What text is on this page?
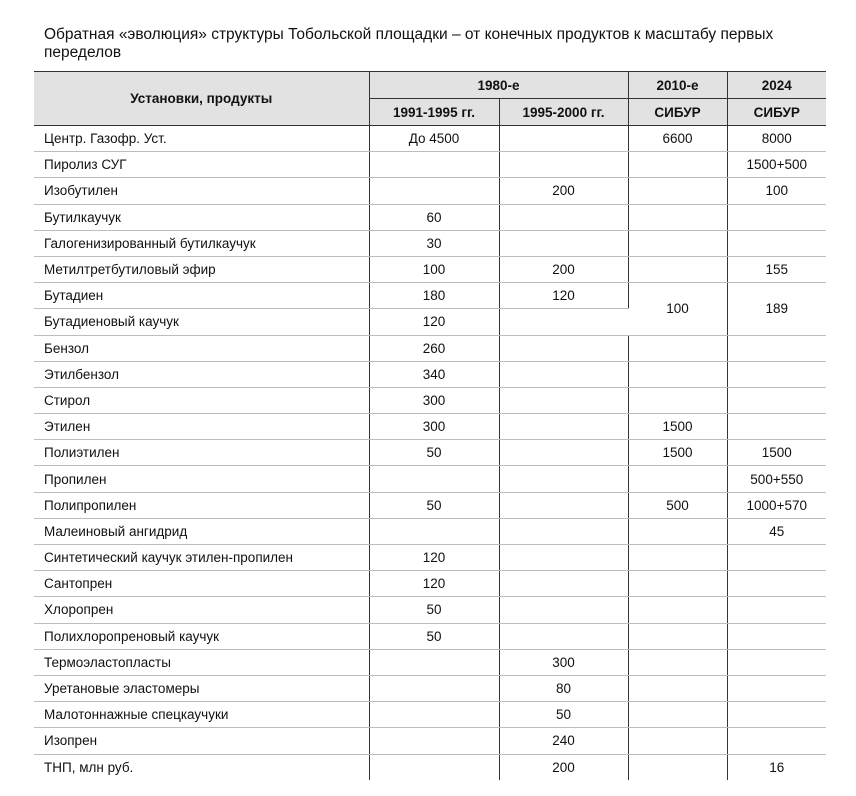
Обратная «эволюция» структуры Тобольской площадки – от конечных продуктов к масштабу первых переделов
Установки, продукты	1980-е		2010-е	2024
	1991-1995 гг.	1995-2000 гг.	СИБУР	СИБУР
Центр. Газофр. Уст.	До 4500		6600	8000
Пиролиз СУГ				1500+500
Изобутилен		200		100
Бутилкаучук	60			
Галогенизированный бутилкаучук	30			
Метилтретбутиловый эфир	100	200		155
Бутадиен	180	120	100	189
Бутадиеновый каучук	120			
Бензол	260			
Этилбензол	340			
Стирол	300			
Этилен	300		1500	
Полиэтилен	50		1500	1500
Пропилен				500+550
Полипропилен	50		500	1000+570
Малеиновый ангидрид				45
Синтетический каучук этилен-пропилен	120			
Сантопрен	120			
Хлоропрен	50			
Полихлоропреновый каучук	50			
Термоэластопласты		300		
Уретановые эластомеры		80		
Малотоннажные спецкаучуки		50		
Изопрен		240		
ТНП, млн руб.		200		16
